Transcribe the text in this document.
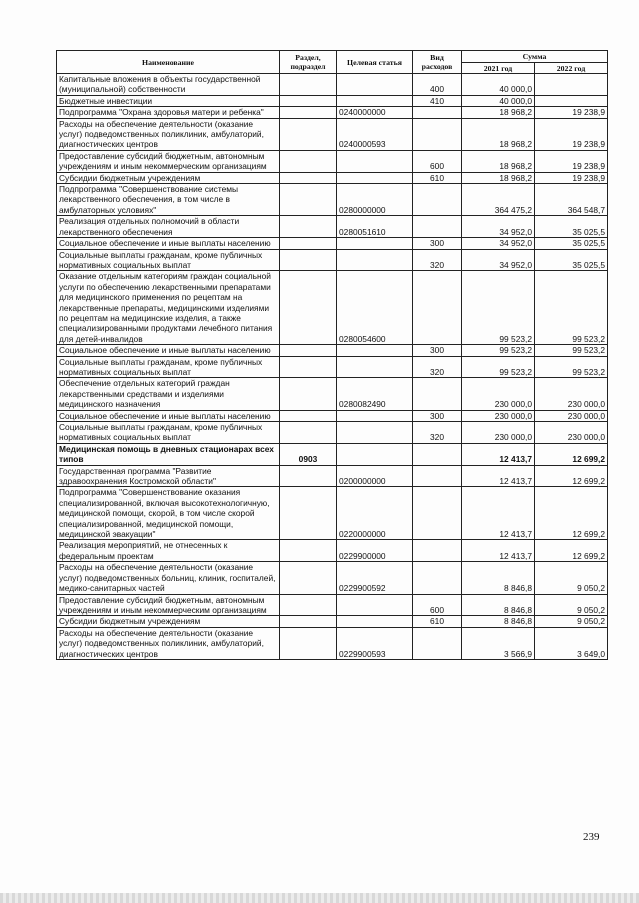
Наименование	Раздел, подраздел	Целевая статья	Вид расходов	Сумма	
				2021 год	2022 год
Капитальные вложения в объекты государственной (муниципальной) собственности			400	40 000,0	
Бюджетные инвестиции			410	40 000,0	
Подпрограмма "Охрана здоровья матери и ребенка"		0240000000		18 968,2	19 238,9
Расходы на обеспечение деятельности (оказание услуг) подведомственных поликлиник, амбулаторий, диагностических центров		0240000593		18 968,2	19 238,9
Предоставление субсидий бюджетным, автономным учреждениям и иным некоммерческим организациям			600	18 968,2	19 238,9
Субсидии бюджетным учреждениям			610	18 968,2	19 238,9
Подпрограмма "Совершенствование системы лекарственного обеспечения, в том числе в амбулаторных условиях"		0280000000		364 475,2	364 548,7
Реализация отдельных полномочий в области лекарственного обеспечения		0280051610		34 952,0	35 025,5
Социальное обеспечение и иные выплаты населению			300	34 952,0	35 025,5
Социальные выплаты гражданам, кроме публичных нормативных социальных выплат			320	34 952,0	35 025,5
Оказание отдельным категориям граждан социальной услуги по обеспечению лекарственными препаратами для медицинского применения по рецептам на лекарственные препараты, медицинскими изделиями по рецептам на медицинские изделия, а также специализированными продуктами лечебного питания для детей-инвалидов		0280054600		99 523,2	99 523,2
Социальное обеспечение и иные выплаты населению			300	99 523,2	99 523,2
Социальные выплаты гражданам, кроме публичных нормативных социальных выплат			320	99 523,2	99 523,2
Обеспечение отдельных категорий граждан лекарственными средствами и изделиями медицинского назначения		0280082490		230 000,0	230 000,0
Социальное обеспечение и иные выплаты населению			300	230 000,0	230 000,0
Социальные выплаты гражданам, кроме публичных нормативных социальных выплат			320	230 000,0	230 000,0
Медицинская помощь в дневных стационарах всех типов	0903			12 413,7	12 699,2
Государственная программа "Развитие здравоохранения Костромской области"		0200000000		12 413,7	12 699,2
Подпрограмма "Совершенствование оказания специализированной, включая высокотехнологичную, медицинской помощи, скорой, в том числе скорой специализированной, медицинской помощи, медицинской эвакуации"		0220000000		12 413,7	12 699,2
Реализация мероприятий, не отнесенных к федеральным проектам		0229900000		12 413,7	12 699,2
Расходы на обеспечение деятельности (оказание услуг) подведомственных больниц, клиник, госпиталей, медико-санитарных частей		0229900592		8 846,8	9 050,2
Предоставление субсидий бюджетным, автономным учреждениям и иным некоммерческим организациям			600	8 846,8	9 050,2
Субсидии бюджетным учреждениям			610	8 846,8	9 050,2
Расходы на обеспечение деятельности (оказание услуг) подведомственных поликлиник, амбулаторий, диагностических центров		0229900593		3 566,9	3 649,0
239
